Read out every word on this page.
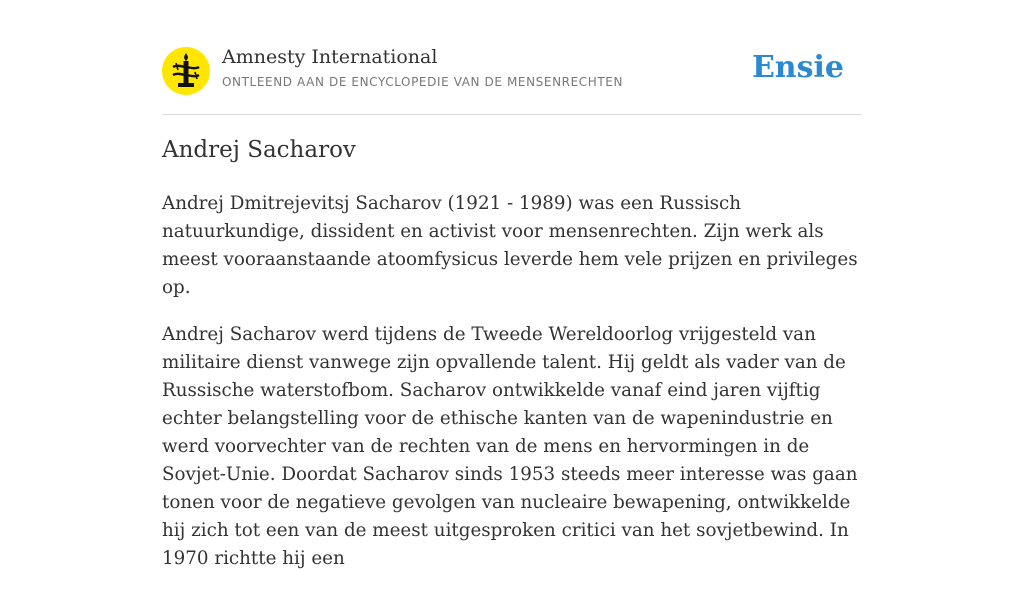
Amnesty International
ONTLEEND AAN DE ENCYCLOPEDIE VAN DE MENSENRECHTEN	Ensie
Andrej Sacharov

Andrej Dmitrejevitsj Sacharov (1921 - 1989) was een Russisch natuurkundige, dissident en activist voor mensenrechten. Zijn werk als meest vooraanstaande atoomfysicus leverde hem vele prijzen en privileges op.

Andrej Sacharov werd tijdens de Tweede Wereldoorlog vrijgesteld van militaire dienst vanwege zijn opvallende talent. Hij geldt als vader van de Russische waterstofbom. Sacharov ontwikkelde vanaf eind jaren vijftig echter belangstelling voor de ethische kanten van de wapenindustrie en werd voorvechter van de rechten van de mens en hervormingen in de Sovjet-Unie. Doordat Sacharov sinds 1953 steeds meer interesse was gaan tonen voor de negatieve gevolgen van nucleaire bewapening, ontwikkelde hij zich tot een van de meest uitgesproken critici van het sovjetbewind. In 1970 richtte hij een
